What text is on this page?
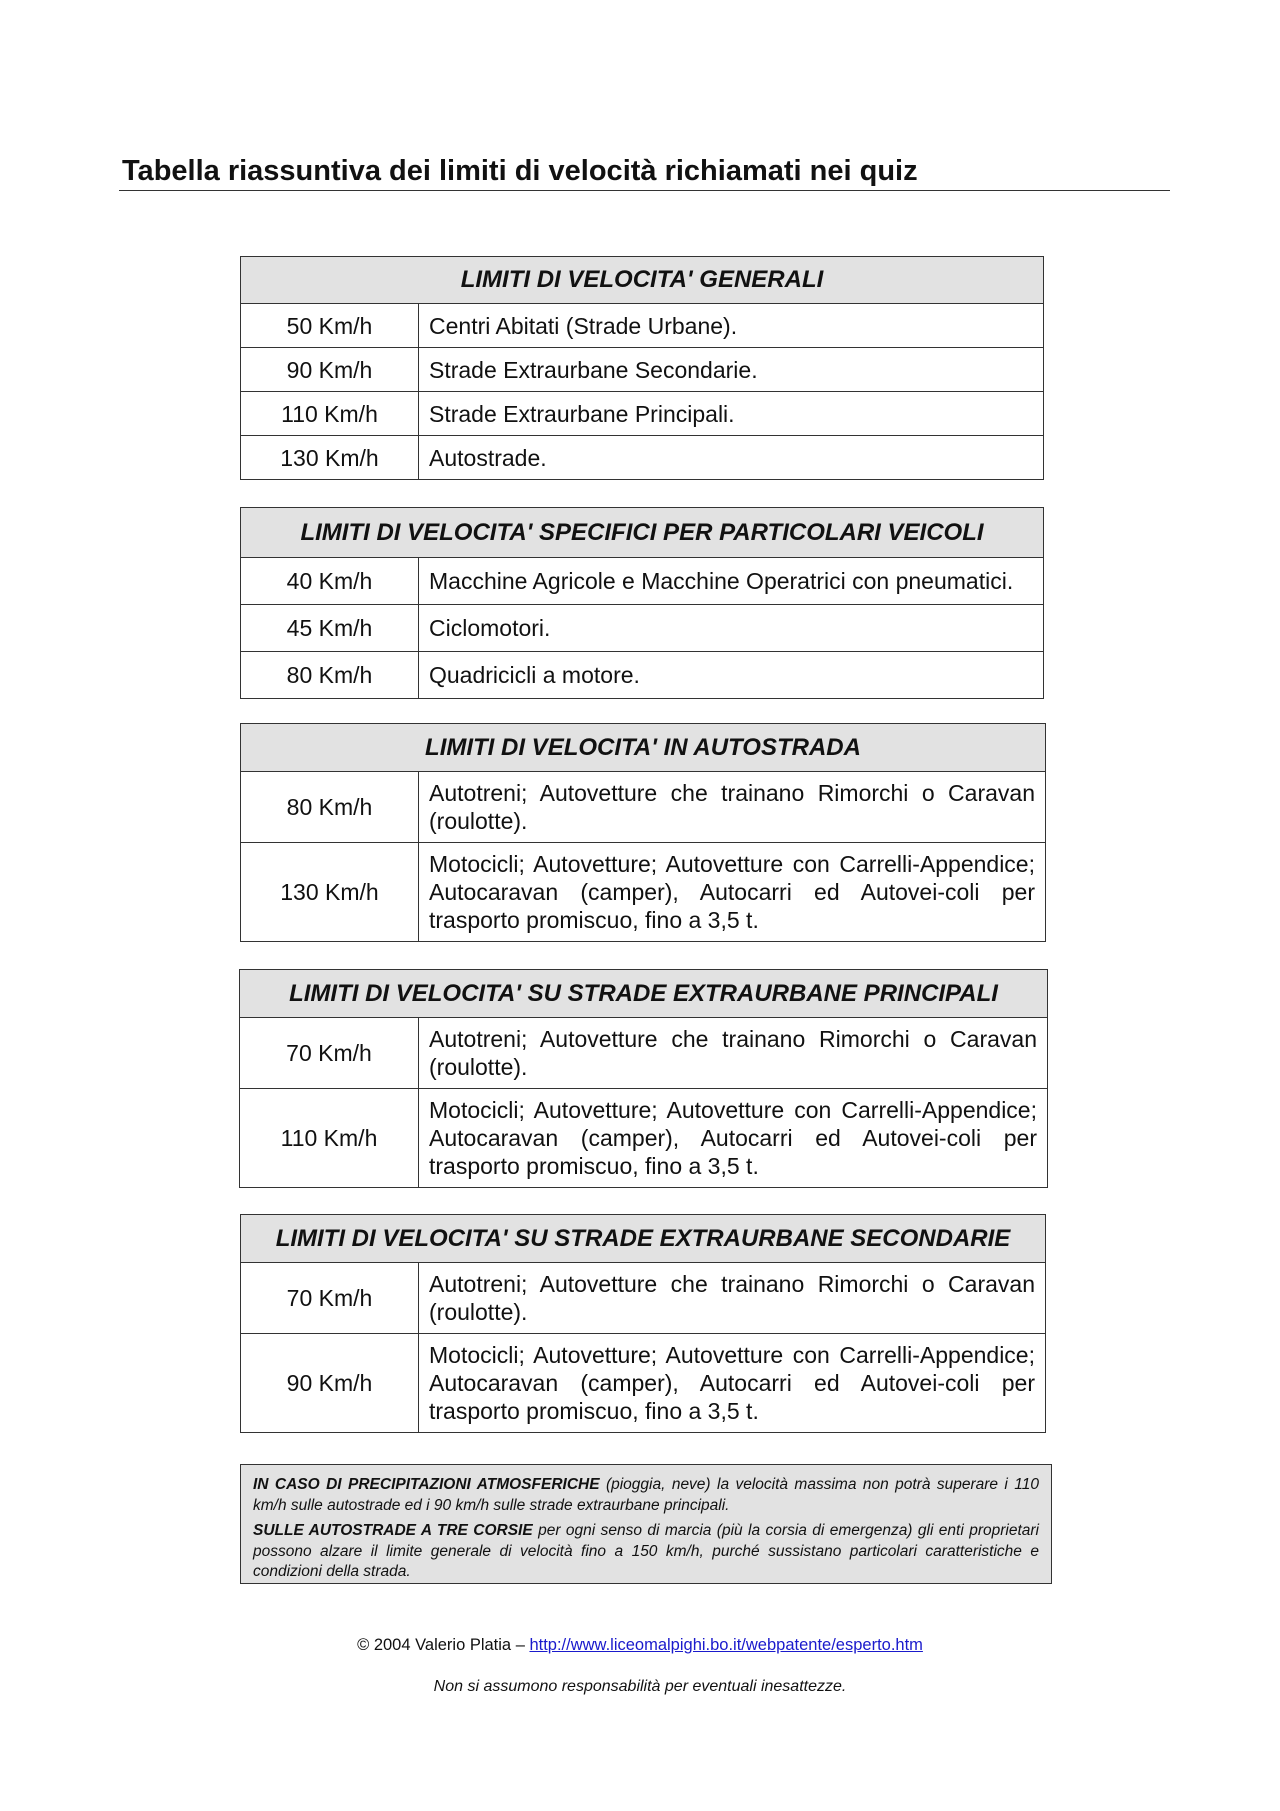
Tabella riassuntiva dei limiti di velocità richiamati nei quiz
LIMITI DI VELOCITA' GENERALI	
50 Km/h	Centri Abitati (Strade Urbane).
90 Km/h	Strade Extraurbane Secondarie.
110 Km/h	Strade Extraurbane Principali.
130 Km/h	Autostrade.
LIMITI DI VELOCITA' SPECIFICI PER PARTICOLARI VEICOLI	
40 Km/h	Macchine Agricole e Macchine Operatrici con pneumatici.
45 Km/h	Ciclomotori.
80 Km/h	Quadricicli a motore.
LIMITI DI VELOCITA' IN AUTOSTRADA	
80 Km/h	Autotreni; Autovetture che trainano Rimorchi o Caravan (roulotte).
130 Km/h	Motocicli; Autovetture; Autovetture con Carrelli-Appendice; Autocaravan (camper), Autocarri ed Autovei-coli per trasporto promiscuo, fino a 3,5 t.
LIMITI DI VELOCITA' SU STRADE EXTRAURBANE PRINCIPALI	
70 Km/h	Autotreni; Autovetture che trainano Rimorchi o Caravan (roulotte).
110 Km/h	Motocicli; Autovetture; Autovetture con Carrelli-Appendice; Autocaravan (camper), Autocarri ed Autovei-coli per trasporto promiscuo, fino a 3,5 t.
LIMITI DI VELOCITA' SU STRADE EXTRAURBANE SECONDARIE	
70 Km/h	Autotreni; Autovetture che trainano Rimorchi o Caravan (roulotte).
90 Km/h	Motocicli; Autovetture; Autovetture con Carrelli-Appendice; Autocaravan (camper), Autocarri ed Autovei-coli per trasporto promiscuo, fino a 3,5 t.

IN CASO DI PRECIPITAZIONI ATMOSFERICHE (pioggia, neve) la velocità massima non potrà superare i 110 km/h sulle autostrade ed i 90 km/h sulle strade extraurbane principali.

SULLE AUTOSTRADE A TRE CORSIE per ogni senso di marcia (più la corsia di emergenza) gli enti proprietari possono alzare il limite generale di velocità fino a 150 km/h, purché sussistano particolari caratteristiche e condizioni della strada.

© 2004 Valerio Platia – http://www.liceomalpighi.bo.it/webpatente/esperto.htm
Non si assumono responsabilità per eventuali inesattezze.
